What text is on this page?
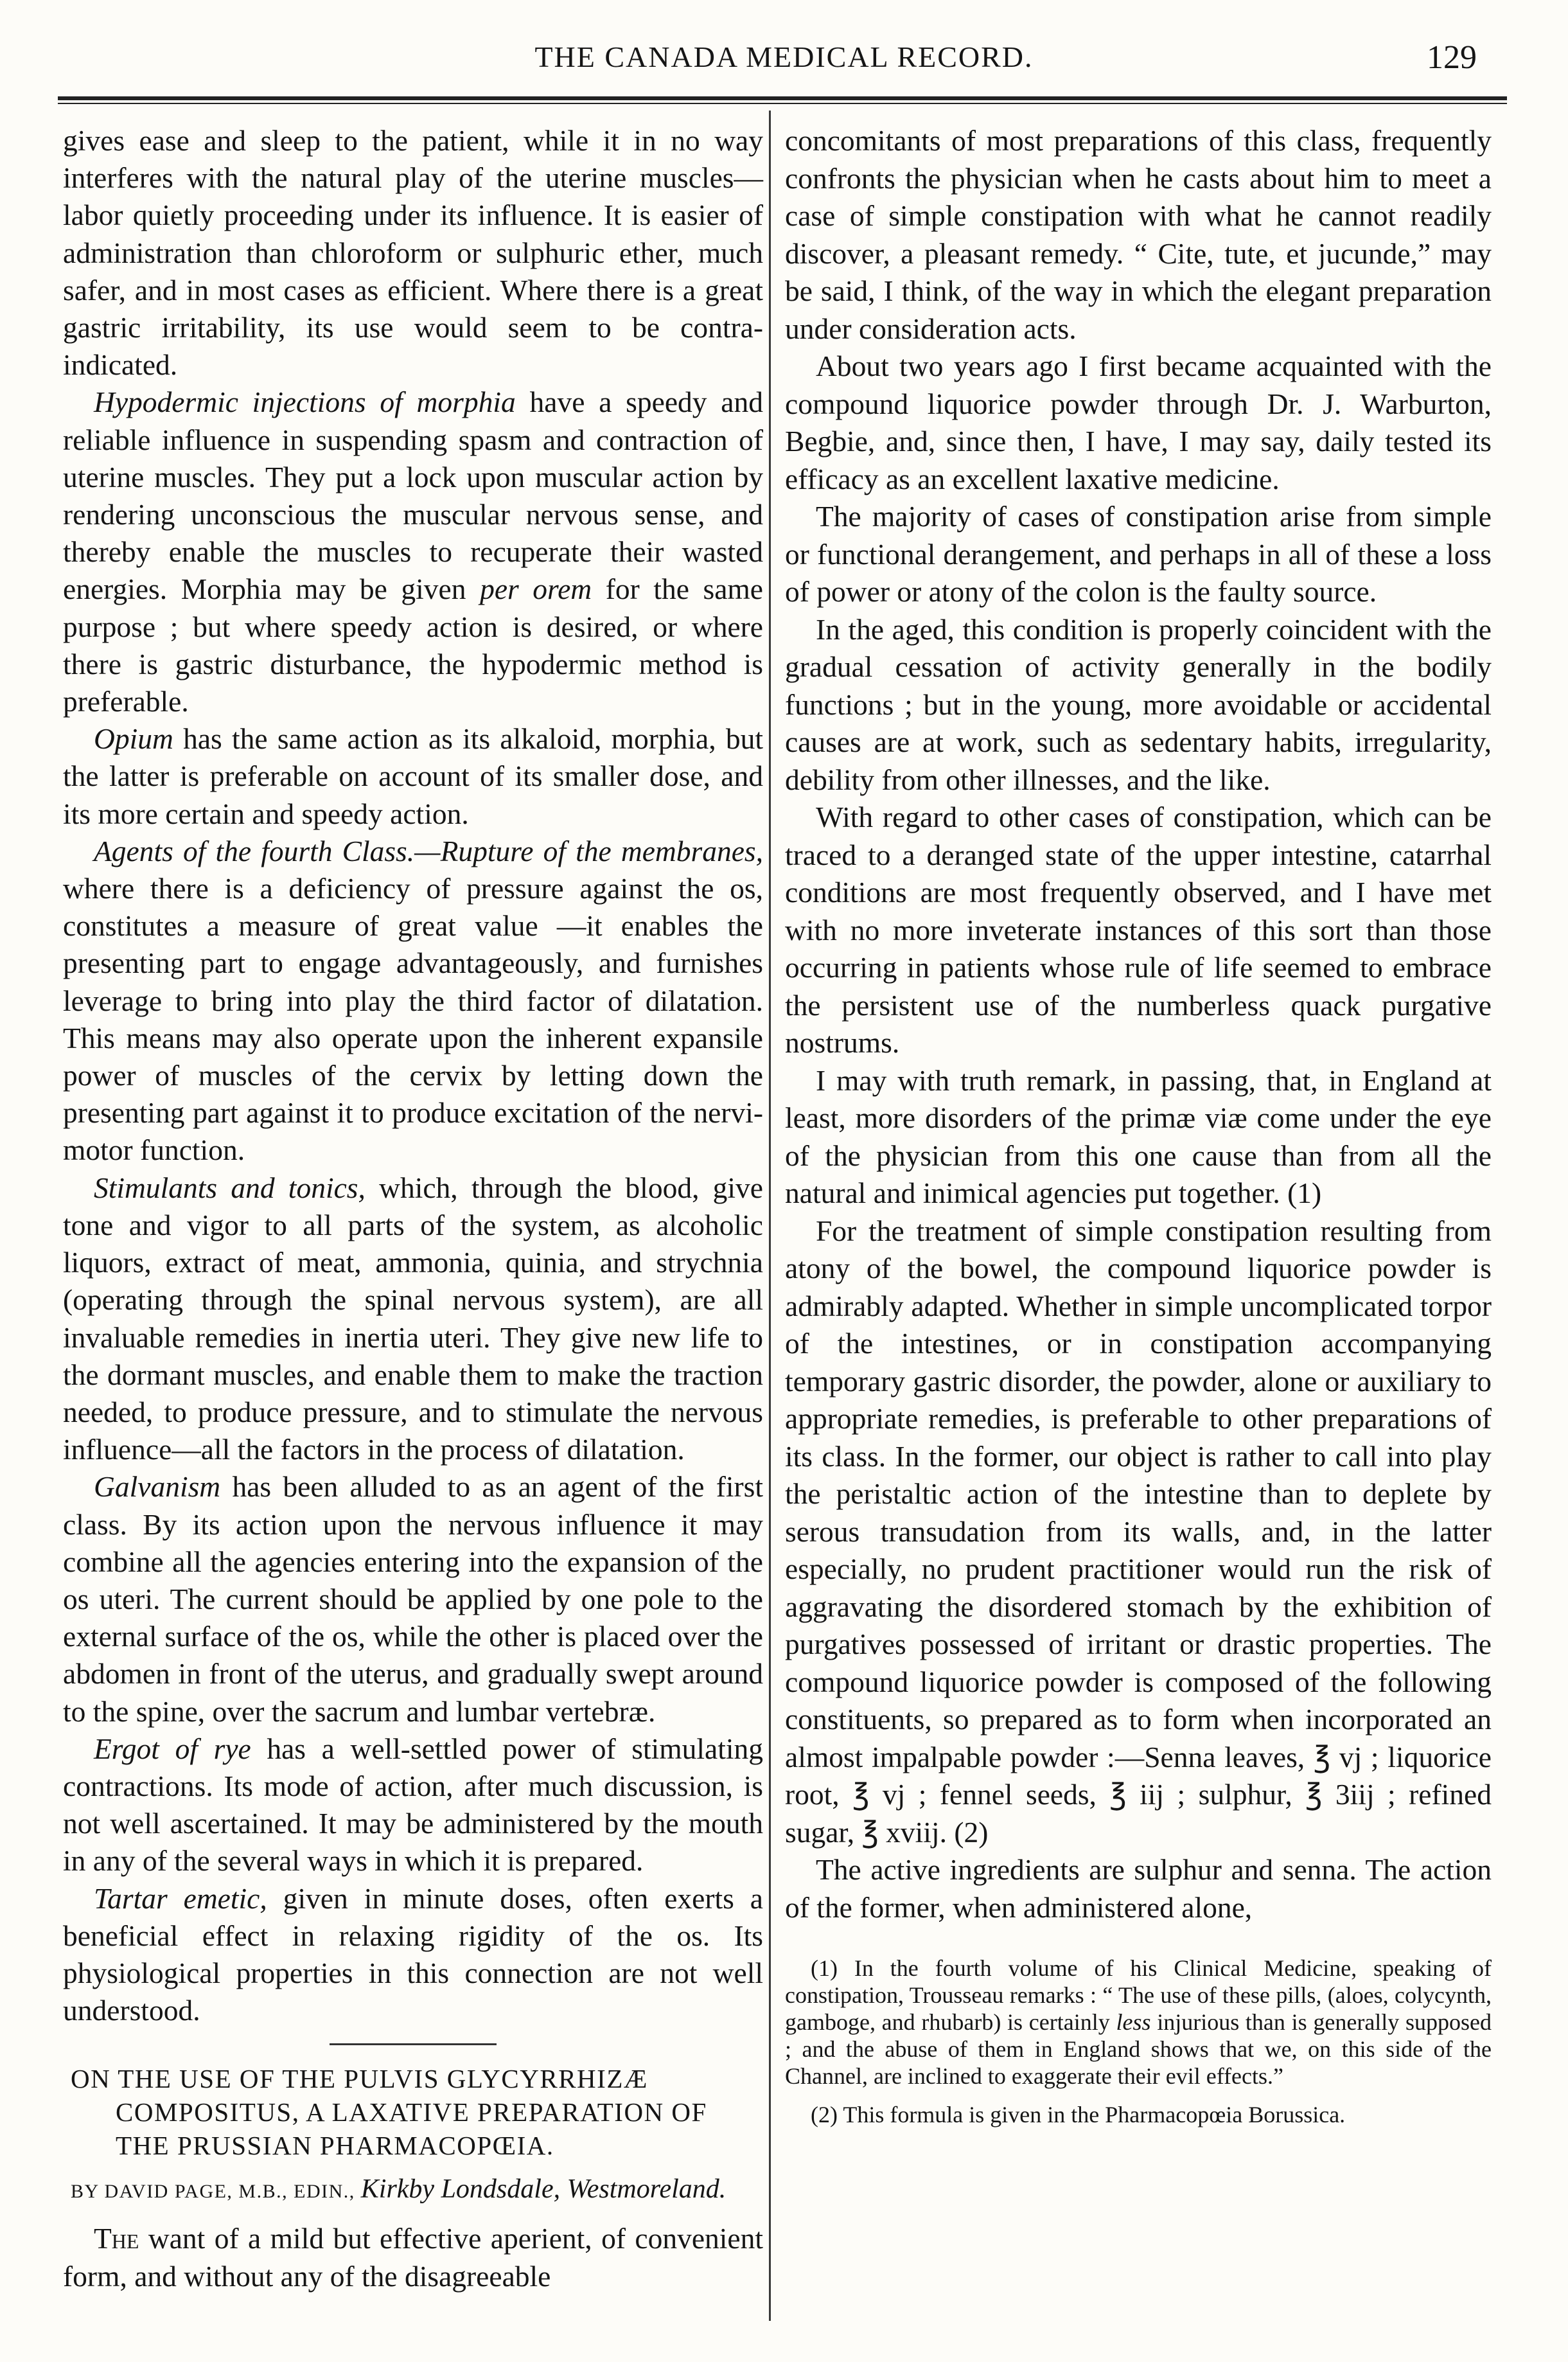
THE CANADA MEDICAL RECORD.	129

gives ease and sleep to the patient, while it in no way interferes with the natural play of the uterine muscles—labor quietly proceeding under its influence. It is easier of administration than chloroform or sulphuric ether, much safer, and in most cases as efficient. Where there is a great gastric irritability, its use would seem to be contra-indicated.

Hypodermic injections of morphia have a speedy and reliable influence in suspending spasm and contraction of uterine muscles. They put a lock upon muscular action by rendering unconscious the muscular nervous sense, and thereby enable the muscles to recuperate their wasted energies. Morphia may be given per orem for the same purpose ; but where speedy action is desired, or where there is gastric disturbance, the hypodermic method is preferable.

Opium has the same action as its alkaloid, morphia, but the latter is preferable on account of its smaller dose, and its more certain and speedy action.

Agents of the fourth Class.—Rupture of the membranes, where there is a deficiency of pressure against the os, constitutes a measure of great value —it enables the presenting part to engage advantageously, and furnishes leverage to bring into play the third factor of dilatation. This means may also operate upon the inherent expansile power of muscles of the cervix by letting down the presenting part against it to produce excitation of the nervi-motor function.

Stimulants and tonics, which, through the blood, give tone and vigor to all parts of the system, as alcoholic liquors, extract of meat, ammonia, quinia, and strychnia (operating through the spinal nervous system), are all invaluable remedies in inertia uteri. They give new life to the dormant muscles, and enable them to make the traction needed, to produce pressure, and to stimulate the nervous influence—all the factors in the process of dilatation.

Galvanism has been alluded to as an agent of the first class. By its action upon the nervous influence it may combine all the agencies entering into the expansion of the os uteri. The current should be applied by one pole to the external surface of the os, while the other is placed over the abdomen in front of the uterus, and gradually swept around to the spine, over the sacrum and lumbar vertebræ.

Ergot of rye has a well-settled power of stimulating contractions. Its mode of action, after much discussion, is not well ascertained. It may be administered by the mouth in any of the several ways in which it is prepared.

Tartar emetic, given in minute doses, often exerts a beneficial effect in relaxing rigidity of the os. Its physiological properties in this connection are not well understood.

ON THE USE OF THE PULVIS GLYCYRRHIZÆ

COMPOSITUS, A LAXATIVE PREPARATION OF
THE PRUSSIAN PHARMACOPŒIA.
BY DAVID PAGE, M.B., EDIN., Kirkby Londsdale, Westmoreland.

The want of a mild but effective aperient, of convenient form, and without any of the disagreeable

concomitants of most preparations of this class, frequently confronts the physician when he casts about him to meet a case of simple constipation with what he cannot readily discover, a pleasant remedy. “ Cite, tute, et jucunde,” may be said, I think, of the way in which the elegant preparation under consideration acts.

About two years ago I first became acquainted with the compound liquorice powder through Dr. J. Warburton, Begbie, and, since then, I have, I may say, daily tested its efficacy as an excellent laxative medicine.

The majority of cases of constipation arise from simple or functional derangement, and perhaps in all of these a loss of power or atony of the colon is the faulty source.

In the aged, this condition is properly coincident with the gradual cessation of activity generally in the bodily functions ; but in the young, more avoidable or accidental causes are at work, such as sedentary habits, irregularity, debility from other illnesses, and the like.

With regard to other cases of constipation, which can be traced to a deranged state of the upper intestine, catarrhal conditions are most frequently observed, and I have met with no more inveterate instances of this sort than those occurring in patients whose rule of life seemed to embrace the persistent use of the numberless quack purgative nostrums.

I may with truth remark, in passing, that, in England at least, more disorders of the primæ viæ come under the eye of the physician from this one cause than from all the natural and inimical agencies put together. (1)

For the treatment of simple constipation resulting from atony of the bowel, the compound liquorice powder is admirably adapted. Whether in simple uncomplicated torpor of the intestines, or in constipation accompanying temporary gastric disorder, the powder, alone or auxiliary to appropriate remedies, is preferable to other preparations of its class. In the former, our object is rather to call into play the peristaltic action of the intestine than to deplete by serous transudation from its walls, and, in the latter especially, no prudent practitioner would run the risk of aggravating the disordered stomach by the exhibition of purgatives possessed of irritant or drastic properties. The compound liquorice powder is composed of the following constituents, so prepared as to form when incorporated an almost impalpable powder :—Senna leaves, ℥ vj ; liquorice root, ℥ vj ; fennel seeds, ℥ iij ; sulphur, ℥ 3iij ; refined sugar, ℥ xviij. (2)

The active ingredients are sulphur and senna. The action of the former, when administered alone,

(1) In the fourth volume of his Clinical Medicine, speaking of constipation, Trousseau remarks : “ The use of these pills, (aloes, colycynth, gamboge, and rhubarb) is certainly less injurious than is generally supposed ; and the abuse of them in England shows that we, on this side of the Channel, are inclined to exaggerate their evil effects.”

(2) This formula is given in the Pharmacopœia Borussica.
